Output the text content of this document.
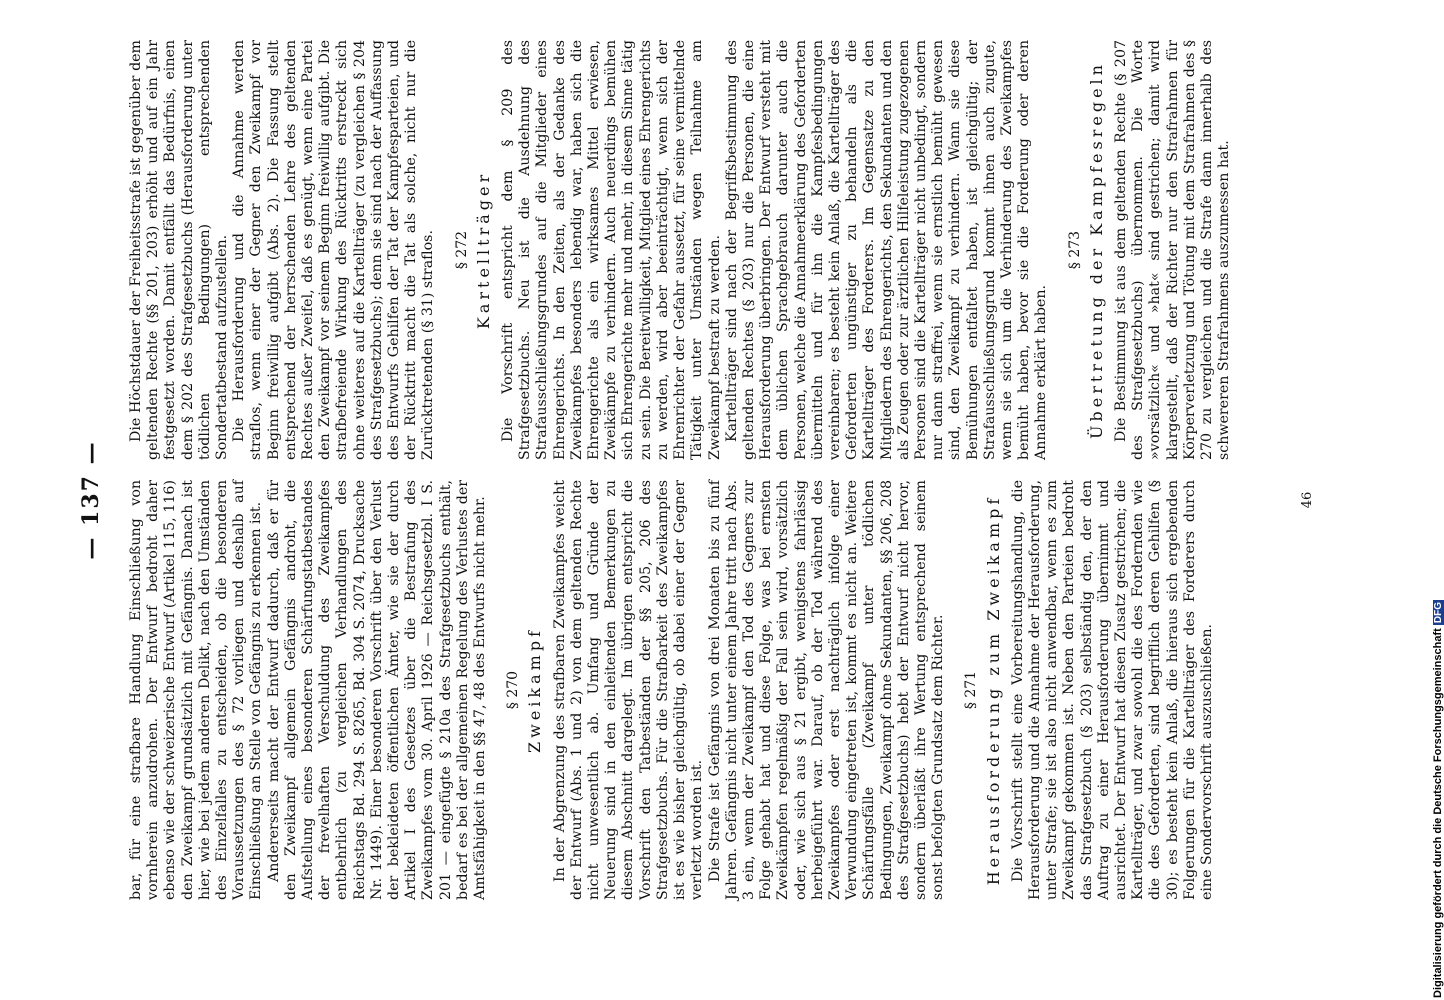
— 137 — bar, für eine strafbare Handlung Einschließung von vornherein anzudrohen. Der Entwurf bedroht daher ebenso wie der schweizerische Entwurf (Artikel 115, 116) den Zweikampf grundsätzlich mit Gefängnis. Danach ist hier, wie bei jedem anderen Delikt, nach den Umständen des Einzelfalles zu entscheiden, ob die besonderen Voraussetzungen des § 72 vorliegen und deshalb auf Einschließung an Stelle von Gefängnis zu erkennen ist. Andererseits macht der Entwurf dadurch, daß er für den Zweikampf allgemein Gefängnis androht, die Aufstellung eines besonderen Schärfungstatbestandes der frevelhaften Verschuldung des Zweikampfes entbehrlich (zu vergleichen Verhandlungen des Reichstags Bd. 294 S. 8265, Bd. 304 S. 2074, Drucksache Nr. 1449). Einer besonderen Vorschrift über den Verlust der bekleideten öffentlichen Ämter, wie sie der durch Artikel I des Gesetzes über die Bestrafung des Zweikampfes vom 30. April 1926 — Reichsgesetzbl. I S. 201 — eingefügte § 210a des Strafgesetzbuchs enthält, bedarf es bei der allgemeinen Regelung des Verlustes der Amtsfähigkeit in den §§ 47, 48 des Entwurfs nicht mehr. § 270 Zweikampf In der Abgrenzung des strafbaren Zweikampfes weicht der Entwurf (Abs. 1 und 2) von dem geltenden Rechte nicht unwesentlich ab. Umfang und Gründe der Neuerung sind in den einleitenden Bemerkungen zu diesem Abschnitt dargelegt. Im übrigen entspricht die Vorschrift den Tatbeständen der §§ 205, 206 des Strafgesetzbuchs. Für die Strafbarkeit des Zweikampfes ist es wie bisher gleichgültig, ob dabei einer der Gegner verletzt worden ist. Die Strafe ist Gefängnis von drei Monaten bis zu fünf Jahren. Gefängnis nicht unter einem Jahre tritt nach Abs. 3 ein, wenn der Zweikampf den Tod des Gegners zur Folge gehabt hat und diese Folge, was bei ernsten Zweikämpfen regelmäßig der Fall sein wird, vorsätzlich oder, wie sich aus § 21 ergibt, wenigstens fahrlässig herbeigeführt war. Darauf, ob der Tod während des Zweikampfes oder erst nachträglich infolge einer Verwundung eingetreten ist, kommt es nicht an. Weitere Schärfungsfälle (Zweikampf unter tödlichen Bedingungen, Zweikampf ohne Sekundanten, §§ 206, 208 des Strafgesetzbuchs) hebt der Entwurf nicht hervor, sondern überläßt ihre Wertung entsprechend seinem sonst befolgten Grundsatz dem Richter. § 271 Herausforderung zum Zweikampf Die Vorschrift stellt eine Vorbereitungshandlung, die Herausforderung und die Annahme der Herausforderung, unter Strafe; sie ist also nicht anwendbar, wenn es zum Zweikampf gekommen ist. Neben den Parteien bedroht das Strafgesetzbuch (§ 203) selbständig den, der den Auftrag zu einer Herausforderung übernimmt und ausrichtet. Der Entwurf hat diesen Zusatz gestrichen; die Kartellträger, und zwar sowohl die des Fordernden wie die des Geforderten, sind begrifflich deren Gehilfen (§ 30); es besteht kein Anlaß, die hieraus sich ergebenden Folgerungen für die Kartellträger des Forderers durch eine Sondervorschrift auszuschließen.

Die Höchstdauer der Freiheitsstrafe ist gegenüber dem geltenden Rechte (§§ 201, 203) erhöht und auf ein Jahr festgesetzt worden. Damit entfällt das Bedürfnis, einen dem § 202 des Strafgesetzbuchs (Herausforderung unter tödlichen Bedingungen) entsprechenden Sondertatbestand aufzustellen. Die Herausforderung und die Annahme werden straflos, wenn einer der Gegner den Zweikampf vor Beginn freiwillig aufgibt (Abs. 2). Die Fassung stellt entsprechend der herrschenden Lehre des geltenden Rechtes außer Zweifel, daß es genügt, wenn eine Partei den Zweikampf vor seinem Beginn freiwillig aufgibt. Die strafbefreiende Wirkung des Rücktritts erstreckt sich ohne weiteres auf die Kartellträger (zu vergleichen § 204 des Strafgesetzbuchs); denn sie sind nach der Auffassung des Entwurfs Gehilfen der Tat der Kampfesparteien, und der Rücktritt macht die Tat als solche, nicht nur die Zurücktretenden (§ 31) straflos. § 272 Kartellträger Die Vorschrift entspricht dem § 209 des Strafgesetzbuchs. Neu ist die Ausdehnung des Strafausschließungsgrundes auf die Mitglieder eines Ehrengerichts. In den Zeiten, als der Gedanke des Zweikampfes besonders lebendig war, haben sich die Ehrengerichte als ein wirksames Mittel erwiesen, Zweikämpfe zu verhindern. Auch neuerdings bemühen sich Ehrengerichte mehr und mehr, in diesem Sinne tätig zu sein. Die Bereitwilligkeit, Mitglied eines Ehrengerichts zu werden, wird aber beeinträchtigt, wenn sich der Ehrenrichter der Gefahr aussetzt, für seine vermittelnde Tätigkeit unter Umständen wegen Teilnahme am Zweikampf bestraft zu werden. Kartellträger sind nach der Begriffsbestimmung des geltenden Rechtes (§ 203) nur die Personen, die eine Herausforderung überbringen. Der Entwurf versteht mit dem üblichen Sprachgebrauch darunter auch die Personen, welche die Annahmeerklärung des Geforderten übermitteln und für ihn die Kampfesbedingungen vereinbaren; es besteht kein Anlaß, die Kartellträger des Geforderten ungünstiger zu behandeln als die Kartellträger des Forderers. Im Gegensatze zu den Mitgliedern des Ehrengerichts, den Sekundanten und den als Zeugen oder zur ärztlichen Hilfeleistung zugezogenen Personen sind die Kartellträger nicht unbedingt, sondern nur dann straffrei, wenn sie ernstlich bemüht gewesen sind, den Zweikampf zu verhindern. Wann sie diese Bemühungen entfaltet haben, ist gleichgültig; der Strafausschließungsgrund kommt ihnen auch zugute, wenn sie sich um die Verhinderung des Zweikampfes bemüht haben, bevor sie die Forderung oder deren Annahme erklärt haben.

§ 273 Übertretung der Kampfesregeln Die Bestimmung ist aus dem geltenden Rechte (§ 207 des Strafgesetzbuchs) übernommen. Die Worte »vorsätzlich« und »hat« sind gestrichen; damit wird klargestellt, daß der Richter nur den Strafrahmen für Körperverletzung und Tötung mit dem Strafrahmen des § 270 zu vergleichen und die Strafe dann innerhalb des schwereren Strafrahmens auszumessen hat.

46
Digitalisierung gefördert durch die Deutsche Forschungsgemeinschaft DFG
